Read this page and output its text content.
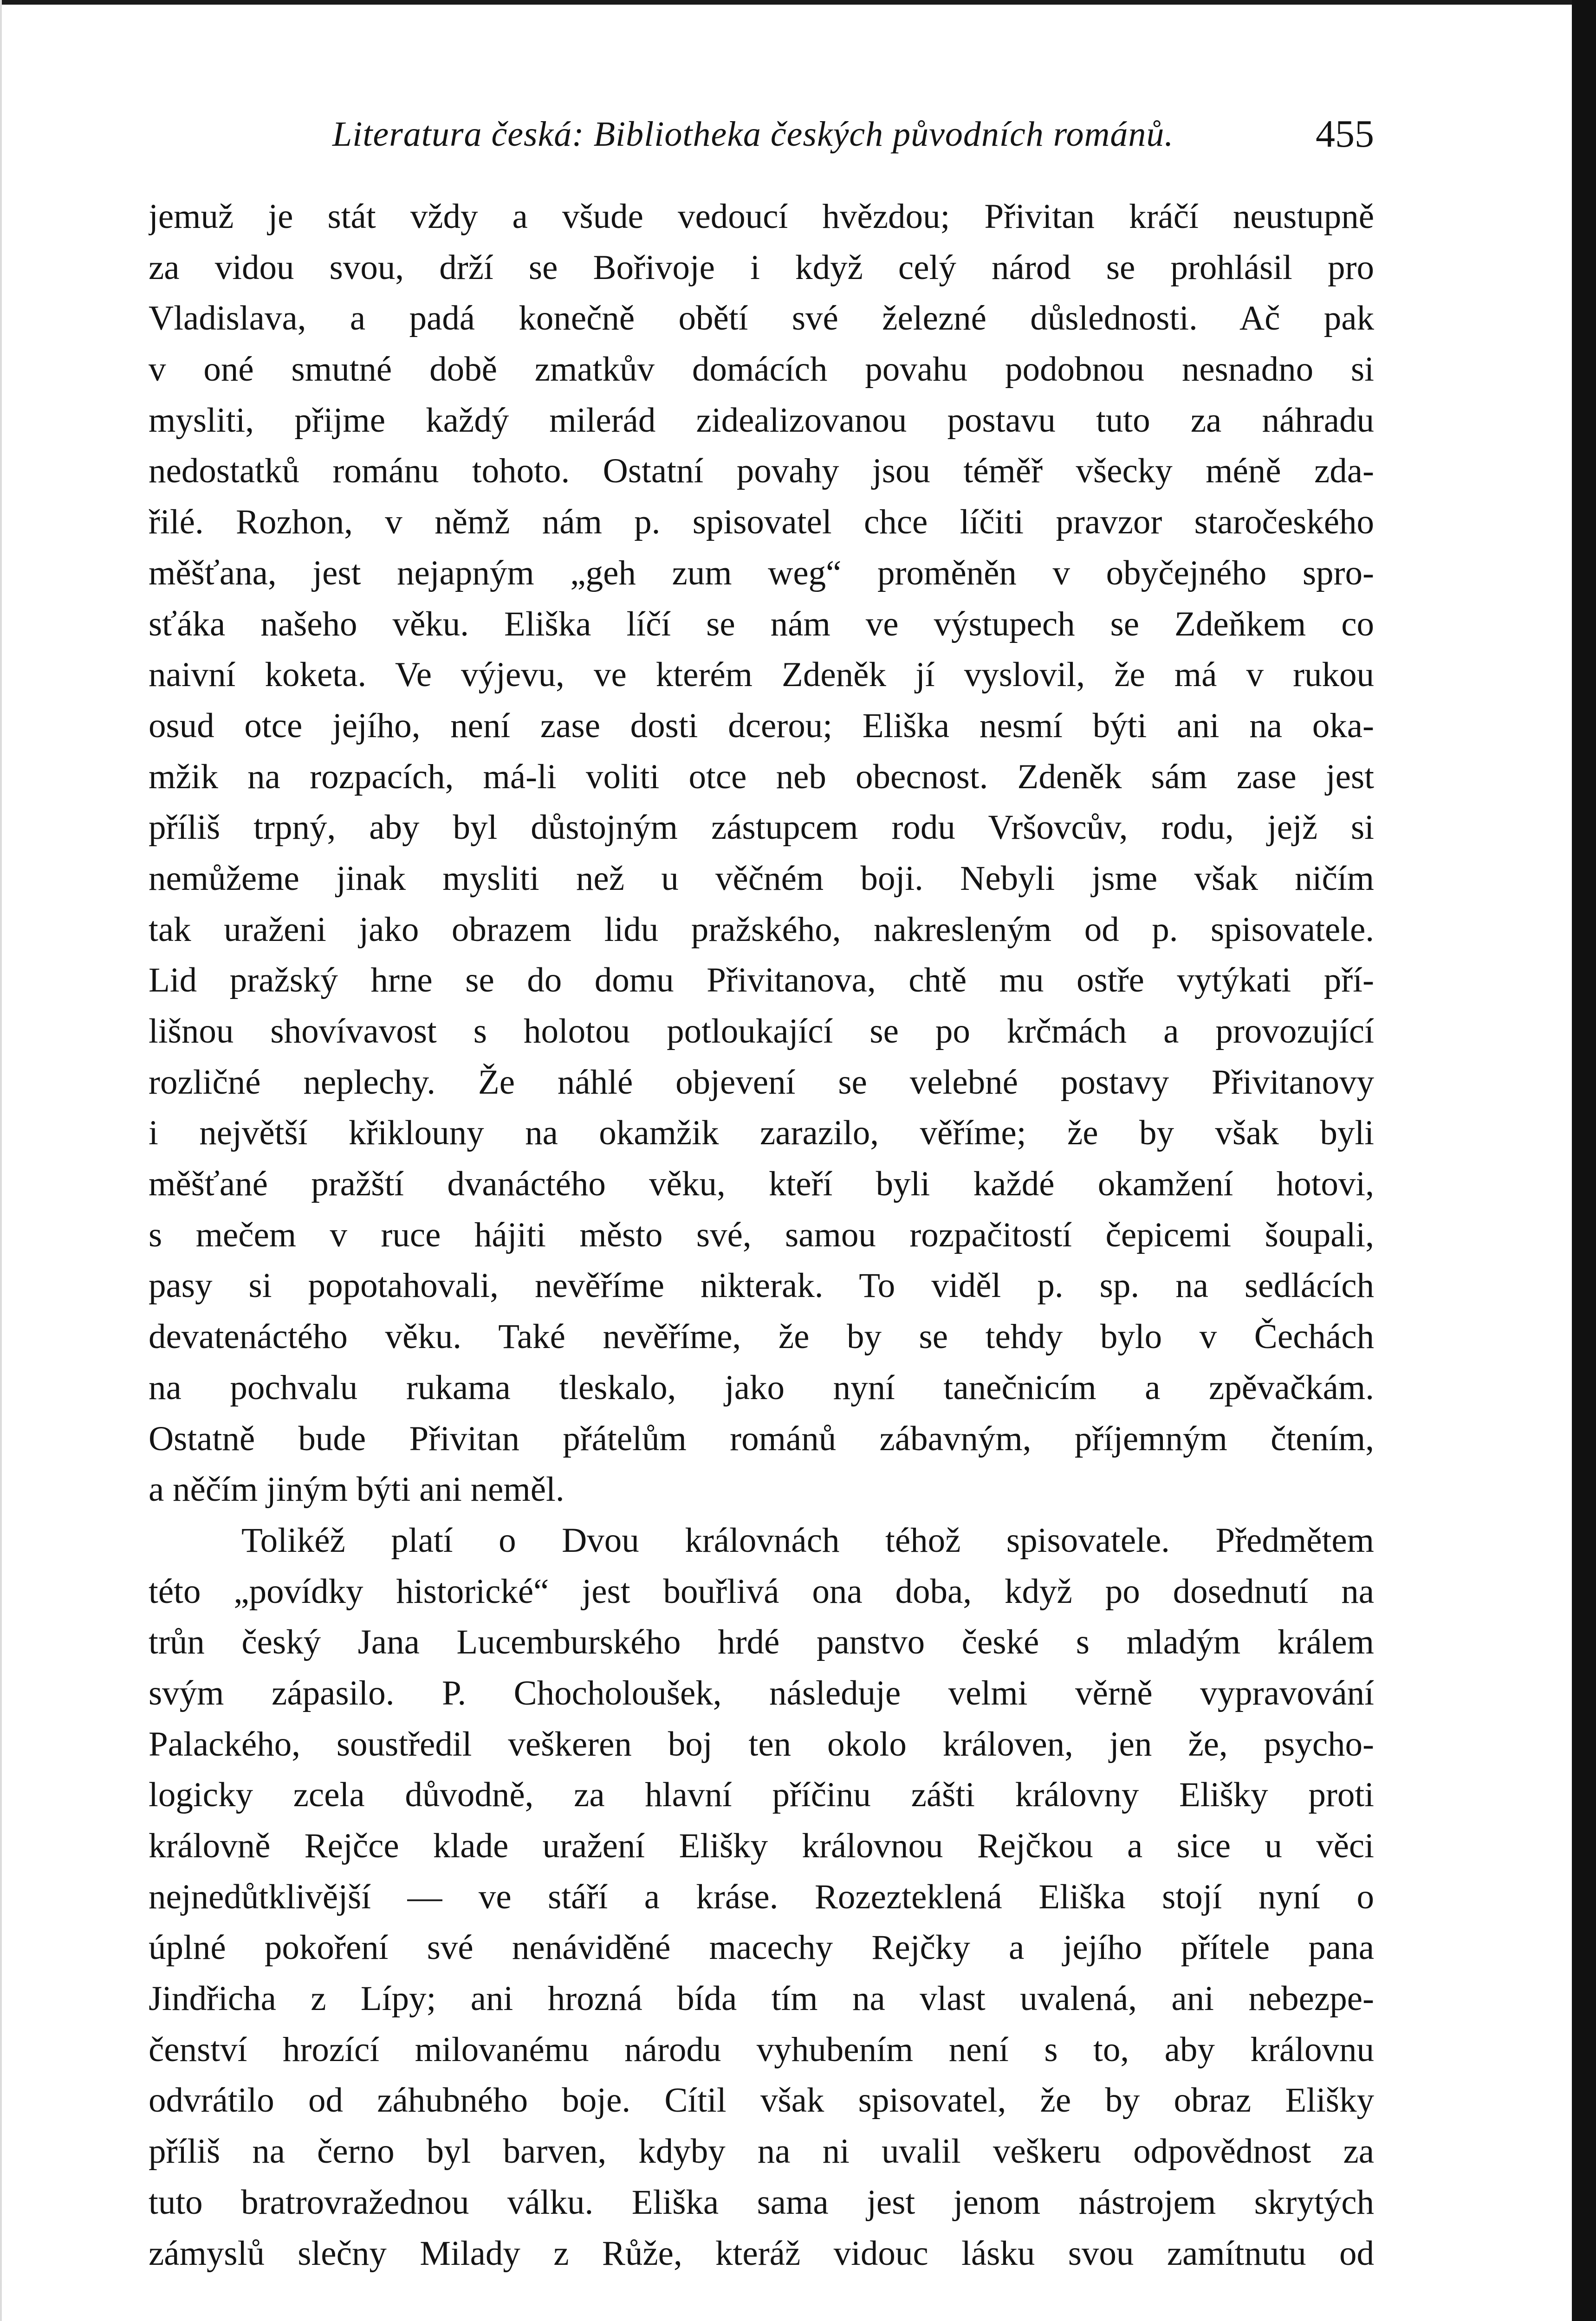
Literatura česká: Bibliotheka českých původních románů.	455
jemuž je stát vždy a všude vedoucí hvězdou; Přivitan kráčí neustupně
za vidou svou, drží se Bořivoje i když celý národ se prohlásil pro
Vladislava, a padá konečně obětí své železné důslednosti. Ač pak
v oné smutné době zmatkův domácích povahu podobnou nesnadno si
mysliti, přijme každý milerád zidealizovanou postavu tuto za náhradu
nedostatků románu tohoto. Ostatní povahy jsou téměř všecky méně zda-
řilé. Rozhon, v němž nám p. spisovatel chce líčiti pravzor staročeského
měšťana, jest nejapným „geh zum weg“ proměněn v obyčejného spro-
sťáka našeho věku. Eliška líčí se nám ve výstupech se Zdeňkem co
naivní koketa. Ve výjevu, ve kterém Zdeněk jí vyslovil, že má v rukou
osud otce jejího, není zase dosti dcerou; Eliška nesmí býti ani na oka-
mžik na rozpacích, má-li voliti otce neb obecnost. Zdeněk sám zase jest
příliš trpný, aby byl důstojným zástupcem rodu Vršovcův, rodu, jejž si
nemůžeme jinak mysliti než u věčném boji. Nebyli jsme však ničím
tak uraženi jako obrazem lidu pražského, nakresleným od p. spisovatele.
Lid pražský hrne se do domu Přivitanova, chtě mu ostře vytýkati pří-
lišnou shovívavost s holotou potloukající se po krčmách a provozující
rozličné neplechy. Že náhlé objevení se velebné postavy Přivitanovy
i největší křiklouny na okamžik zarazilo, věříme; že by však byli
měšťané pražští dvanáctého věku, kteří byli každé okamžení hotovi,
s mečem v ruce hájiti město své, samou rozpačitostí čepicemi šoupali,
pasy si popotahovali, nevěříme nikterak. To viděl p. sp. na sedlácích
devatenáctého věku. Také nevěříme, že by se tehdy bylo v Čechách
na pochvalu rukama tleskalo, jako nyní tanečnicím a zpěvačkám.
Ostatně bude Přivitan přátelům románů zábavným, příjemným čtením,
a něčím jiným býti ani neměl.
Tolikéž platí o Dvou královnách téhož spisovatele. Předmětem
této „povídky historické“ jest bouřlivá ona doba, když po dosednutí na
trůn český Jana Lucemburského hrdé panstvo české s mladým králem
svým zápasilo. P. Chocholoušek, následuje velmi věrně vypravování
Palackého, soustředil veškeren boj ten okolo královen, jen že, psycho-
logicky zcela důvodně, za hlavní příčinu zášti královny Elišky proti
královně Rejčce klade uražení Elišky královnou Rejčkou a sice u věci
nejnedůtklivější — ve stáří a kráse. Rozezteklená Eliška stojí nyní o
úplné pokoření své nenáviděné macechy Rejčky a jejího přítele pana
Jindřicha z Lípy; ani hrozná bída tím na vlast uvalená, ani nebezpe-
čenství hrozící milovanému národu vyhubením není s to, aby královnu
odvrátilo od záhubného boje. Cítil však spisovatel, že by obraz Elišky
příliš na černo byl barven, kdyby na ni uvalil veškeru odpovědnost za
tuto bratrovražednou válku. Eliška sama jest jenom nástrojem skrytých
zámyslů slečny Milady z Růže, kteráž vidouc lásku svou zamítnutu od
